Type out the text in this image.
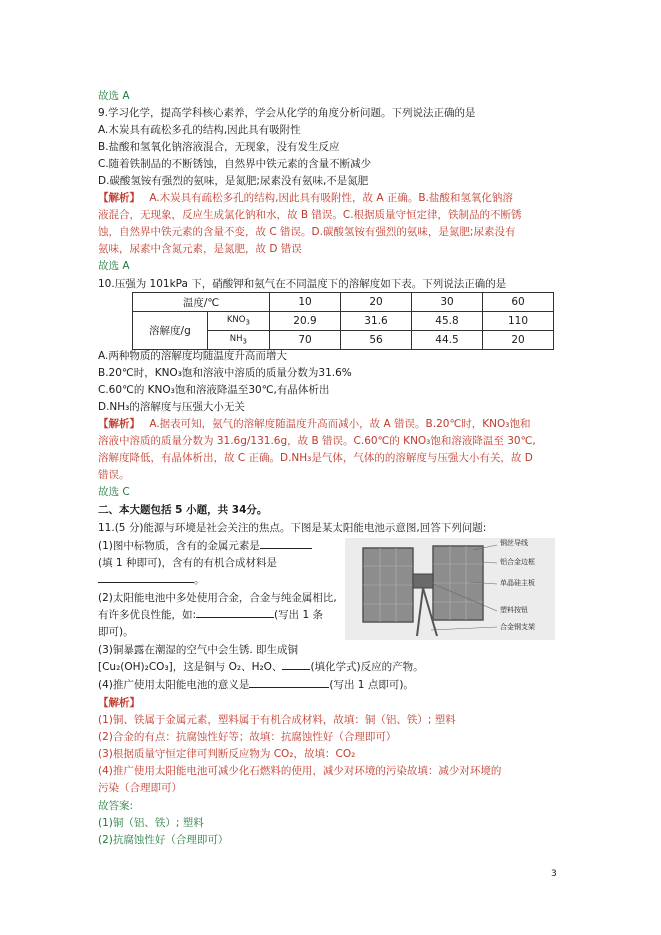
故选 A
9.学习化学，提高学科核心素养，学会从化学的角度分析问题。下列说法正确的是
A.木炭具有疏松多孔的结构,因此具有吸附性
B.盐酸和氢氧化钠溶液混合，无现象，没有发生反应
C.随着铁制品的不断锈蚀，自然界中铁元素的含量不断减少
D.碳酸氢铵有强烈的氨味，是氮肥;尿素没有氨味,不是氮肥
【解析】 A.木炭具有疏松多孔的结构,因此具有吸附性，故 A 正确。B.盐酸和氢氧化钠溶
液混合，无现象，反应生成氯化钠和水，故 B 错误。C.根据质量守恒定律，铁制品的不断锈
蚀，自然界中铁元素的含量不变，故 C 错误。D.碳酸氢铵有强烈的氨味，是氮肥;尿素没有
氨味，尿素中含氮元素，是氮肥，故 D 错误
故选 A
10.压强为 101kPa 下，硝酸钾和氨气在不同温度下的溶解度如下表。下列说法正确的是
温度/℃		10	20	30	60
溶解度/g	$KNO_3$	20.9	31.6	45.8	110
	$NH_3$	70	56	44.5	20
A.两种物质的溶解度均随温度升高而增大
B.20℃时，KNO₃饱和溶液中溶质的质量分数为31.6%
C.60℃的 KNO₃饱和溶液降温至30℃,有晶体析出
D.NH₃的溶解度与压强大小无关
【解析】 A.据表可知，氨气的溶解度随温度升高而减小，故 A 错误。B.20℃时，KNO₃饱和
溶液中溶质的质量分数为 31.6g/131.6g，故 B 错误。C.60℃的 KNO₃饱和溶液降温至 30℃,
溶解度降低，有晶体析出，故 C 正确。D.NH₃是气体，气体的的溶解度与压强大小有关，故 D
错误。
故选 C
二、本大题包括 5 小题，共 34分。
11.(5 分)能源与环境是社会关注的焦点。下图是某太阳能电池示意图,回答下列问题:
(1)图中标物质，含有的金属元素是
(填 1 种即可)，含有的有机合成材料是
。
(2)太阳能电池中多处使用合金，合金与纯金属相比,
有许多优良性能，如:	(写出 1 条
即可)。
(3)铜暴露在潮湿的空气中会生锈. 即生成铜
[Cu₂(OH)₂CO₃]，这是铜与 O₂、H₂O、	(填化学式)反应的产物。
(4)推广使用太阳能电池的意义是	(写出 1 点即可)。
铜丝导线
铝合金边框
单晶硅主板
塑料按钮
合金钢支架
【解析】
(1)铜、铁属于金属元素，塑料属于有机合成材料，故填：铜（铝、铁）; 塑料
(2)合金的有点：抗腐蚀性好等；故填：抗腐蚀性好（合理即可）
(3)根据质量守恒定律可判断反应物为 CO₂，故填：CO₂
(4)推广使用太阳能电池可减少化石燃料的使用，减少对环境的污染故填：减少对环境的
污染（合理即可）
故答案:
(1)铜（铝、铁）; 塑料
(2)抗腐蚀性好（合理即可）
3
